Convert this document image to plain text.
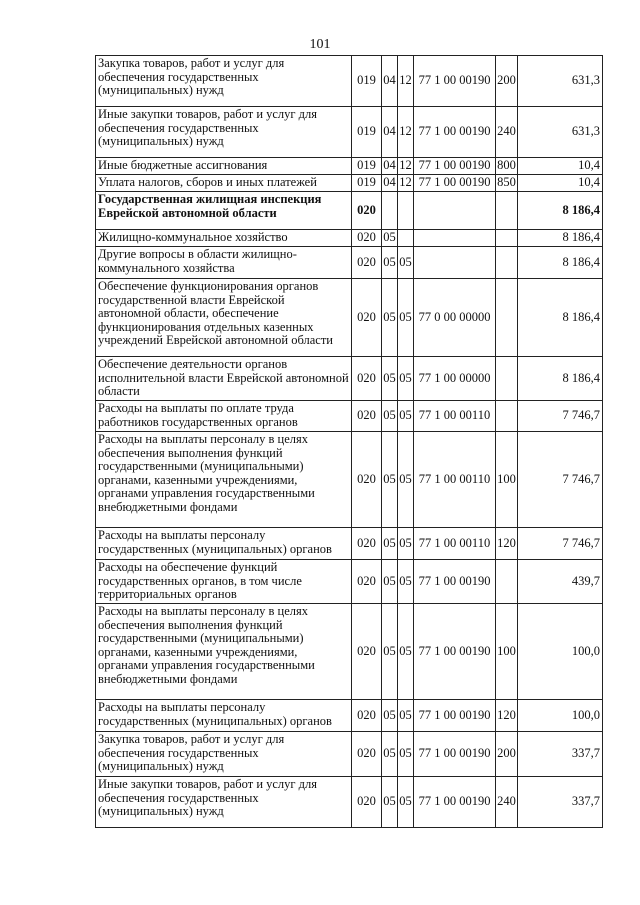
101
Закупка товаров, работ и услуг для обеспечения государственных (муниципальных) нужд	019	04	12	77 1 00 00190	200	631,3
Иные закупки товаров, работ и услуг для обеспечения государственных (муниципальных) нужд	019	04	12	77 1 00 00190	240	631,3
Иные бюджетные ассигнования	019	04	12	77 1 00 00190	800	10,4
Уплата налогов, сборов и иных платежей	019	04	12	77 1 00 00190	850	10,4
Государственная жилищная инспекция Еврейской автономной области	020					8 186,4
Жилищно-коммунальное хозяйство	020	05				8 186,4
Другие вопросы в области жилищно-коммунального хозяйства	020	05	05			8 186,4
Обеспечение функционирования органов государственной власти Еврейской автономной области, обеспечение функционирования отдельных казенных учреждений Еврейской автономной области	020	05	05	77 0 00 00000		8 186,4
Обеспечение деятельности органов исполнительной власти Еврейской автономной области	020	05	05	77 1 00 00000		8 186,4
Расходы на выплаты по оплате труда работников государственных органов	020	05	05	77 1 00 00110		7 746,7
Расходы на выплаты персоналу в целях обеспечения выполнения функций государственными (муниципальными) органами, казенными учреждениями, органами управления государственными внебюджетными фондами	020	05	05	77 1 00 00110	100	7 746,7
Расходы на выплаты персоналу государственных (муниципальных) органов	020	05	05	77 1 00 00110	120	7 746,7
Расходы на обеспечение функций государственных органов, в том числе территориальных органов	020	05	05	77 1 00 00190		439,7
Расходы на выплаты персоналу в целях обеспечения выполнения функций государственными (муниципальными) органами, казенными учреждениями, органами управления государственными внебюджетными фондами	020	05	05	77 1 00 00190	100	100,0
Расходы на выплаты персоналу государственных (муниципальных) органов	020	05	05	77 1 00 00190	120	100,0
Закупка товаров, работ и услуг для обеспечения государственных (муниципальных) нужд	020	05	05	77 1 00 00190	200	337,7
Иные закупки товаров, работ и услуг для обеспечения государственных (муниципальных) нужд	020	05	05	77 1 00 00190	240	337,7
